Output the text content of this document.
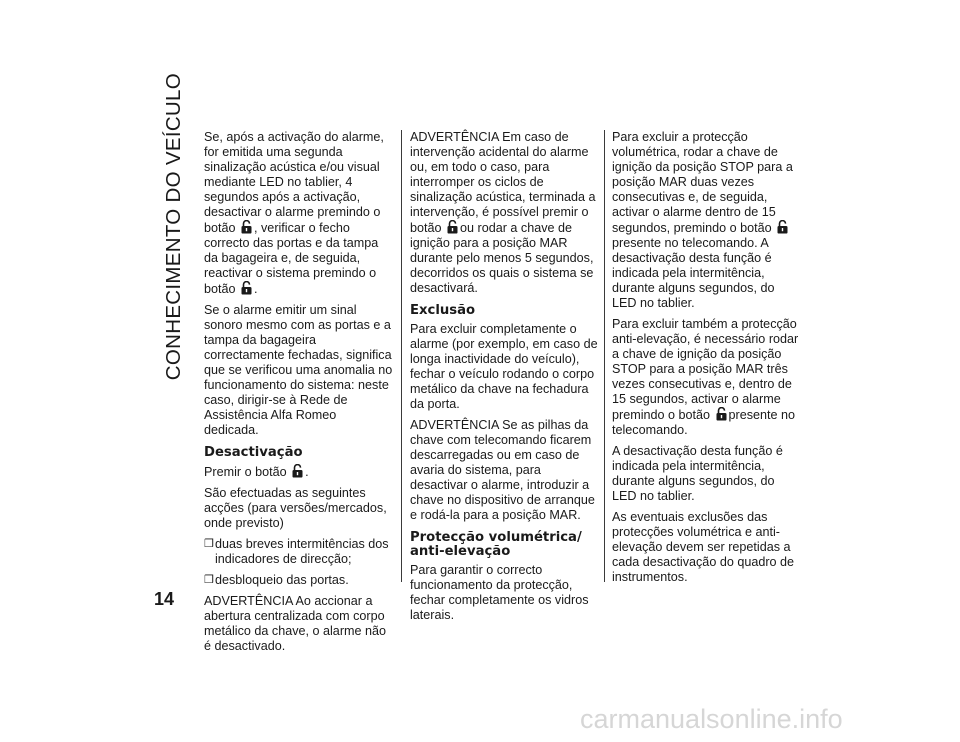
CONHECIMENTO DO VEÍCULO
14

Se, após a activação do alarme, for emitida uma segunda sinalização acústica e/ou visual mediante LED no tablier, 4 segundos após a activação, desactivar o alarme premindo o botão , verificar o fecho correcto das portas e da tampa da bagageira e, de seguida, reactivar o sistema premindo o botão .

Se o alarme emitir um sinal sonoro mesmo com as portas e a tampa da bagageira correctamente fechadas, significa que se verificou uma anomalia no funcionamento do sistema: neste caso, dirigir-se à Rede de Assistência Alfa Romeo dedicada.

Desactivação

Premir o botão .

São efectuadas as seguintes acções (para versões/mercados, onde previsto)

❒ duas breves intermitências dos indicadores de direcção;
❒ desbloqueio das portas.

ADVERTÊNCIA Ao accionar a abertura centralizada com corpo metálico da chave, o alarme não é desactivado.

ADVERTÊNCIA Em caso de intervenção acidental do alarme ou, em todo o caso, para interromper os ciclos de sinalização acústica, terminada a intervenção, é possível premir o botão ou rodar a chave de ignição para a posição MAR durante pelo menos 5 segundos, decorridos os quais o sistema se desactivará.

Exclusão

Para excluir completamente o alarme (por exemplo, em caso de longa inactividade do veículo), fechar o veículo rodando o corpo metálico da chave na fechadura da porta.

ADVERTÊNCIA Se as pilhas da chave com telecomando ficarem descarregadas ou em caso de avaria do sistema, para desactivar o alarme, introduzir a chave no dispositivo de arranque e rodá-la para a posição MAR.

Protecção volumétrica/
anti-elevação

Para garantir o correcto funcionamento da protecção, fechar completamente os vidros laterais.

Para excluir a protecção volumétrica, rodar a chave de ignição da posição STOP para a posição MAR duas vezes consecutivas e, de seguida, activar o alarme dentro de 15 segundos, premindo o botão presente no telecomando. A desactivação desta função é indicada pela intermitência, durante alguns segundos, do LED no tablier.

Para excluir também a protecção anti-elevação, é necessário rodar a chave de ignição da posição STOP para a posição MAR três vezes consecutivas e, dentro de 15 segundos, activar o alarme premindo o botão presente no telecomando.

A desactivação desta função é indicada pela intermitência, durante alguns segundos, do LED no tablier.

As eventuais exclusões das protecções volumétrica e anti-elevação devem ser repetidas a cada desactivação do quadro de instrumentos.

carmanualsonline.info
